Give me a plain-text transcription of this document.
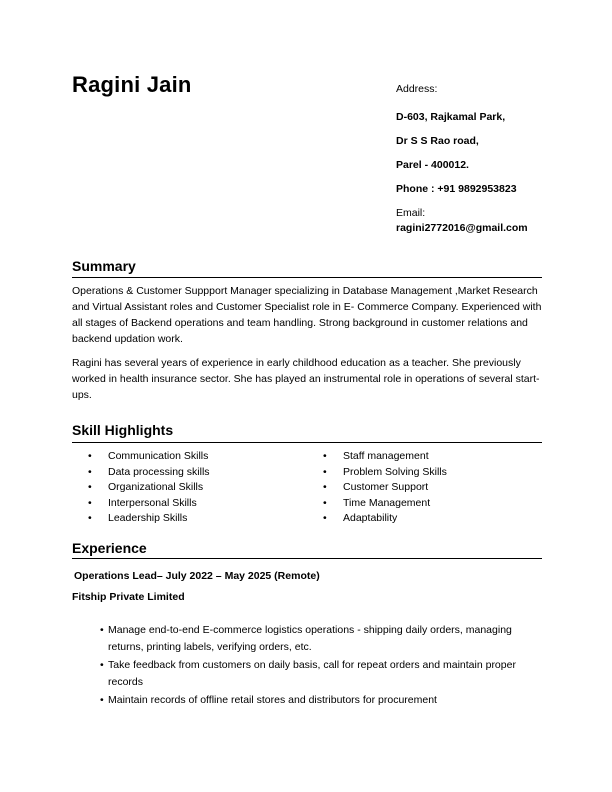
Ragini Jain	Address:
D-603, Rajkamal Park,
Dr S S Rao road,
Parel - 400012.
Phone : +91 9892953823
Email:
ragini2772016@gmail.com
Summary
Operations & Customer Suppport Manager specializing in Database Management ,Market Research and Virtual Assistant roles and Customer Specialist role in E- Commerce Company. Experienced with all stages of Backend operations and team handling. Strong background in customer relations and backend updation work.
Ragini has several years of experience in early childhood education as a teacher. She previously worked in health insurance sector. She has played an instrumental role in operations of several start-ups.
Skill Highlights
• Communication Skills
• Data processing skills
• Organizational Skills
• Interpersonal Skills
• Leadership Skills
• Staff management
• Problem Solving Skills
• Customer Support
• Time Management
• Adaptability
Experience
Operations Lead– July 2022 – May 2025 (Remote)
Fitship Private Limited
• Manage end-to-end E-commerce logistics operations - shipping daily orders, managing returns, printing labels, verifying orders, etc.
• Take feedback from customers on daily basis, call for repeat orders and maintain proper records
• Maintain records of offline retail stores and distributors for procurement
